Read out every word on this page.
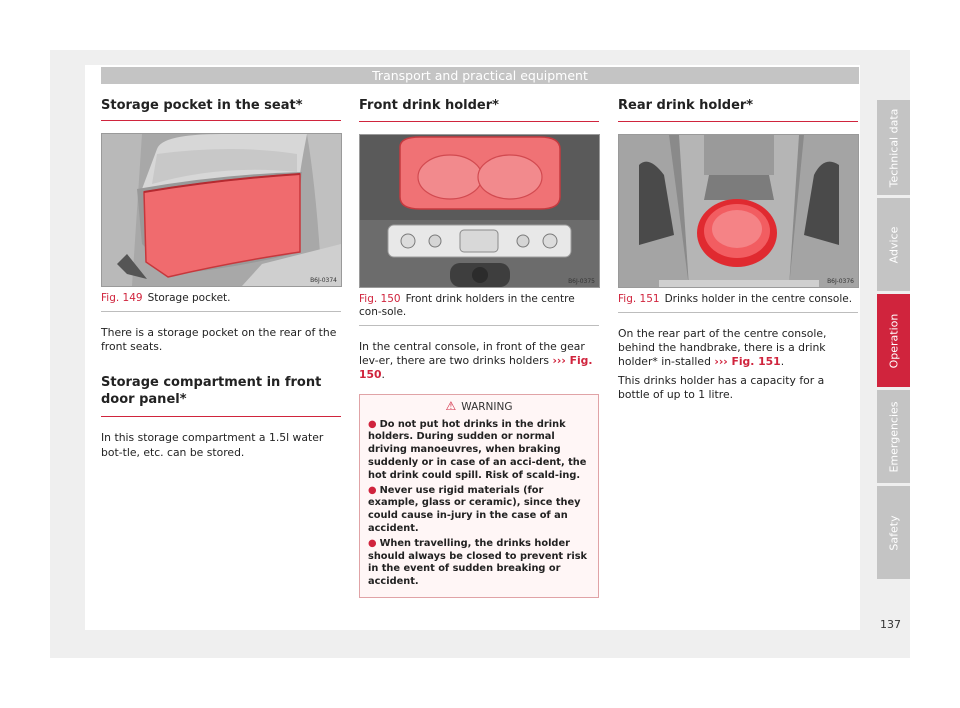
Transport and practical equipment
Storage pocket in the seat*
B6J-0374
Fig. 149 Storage pocket.

There is a storage pocket on the rear of the front seats.

Storage compartment in front door panel*

In this storage compartment a 1.5l water bot-tle, etc. can be stored.

Front drink holder*
B6J-0375
Fig. 150 Front drink holders in the centre con-sole.

In the central console, in front of the gear lev-er, there are two drinks holders ››› Fig. 150.

⚠ WARNING
● Do not put hot drinks in the drink holders. During sudden or normal driving manoeuvres, when braking suddenly or in case of an acci-dent, the hot drink could spill. Risk of scald-ing.
● Never use rigid materials (for example, glass or ceramic), since they could cause in-jury in the case of an accident.
● When travelling, the drinks holder should always be closed to prevent risk in the event of sudden breaking or accident.
Rear drink holder*
B6J-0376
Fig. 151 Drinks holder in the centre console.

On the rear part of the centre console, behind the handbrake, there is a drink holder* in-stalled ››› Fig. 151.

This drinks holder has a capacity for a bottle of up to 1 litre.

Technical data
Advice
Operation
Emergencies
Safety
137
